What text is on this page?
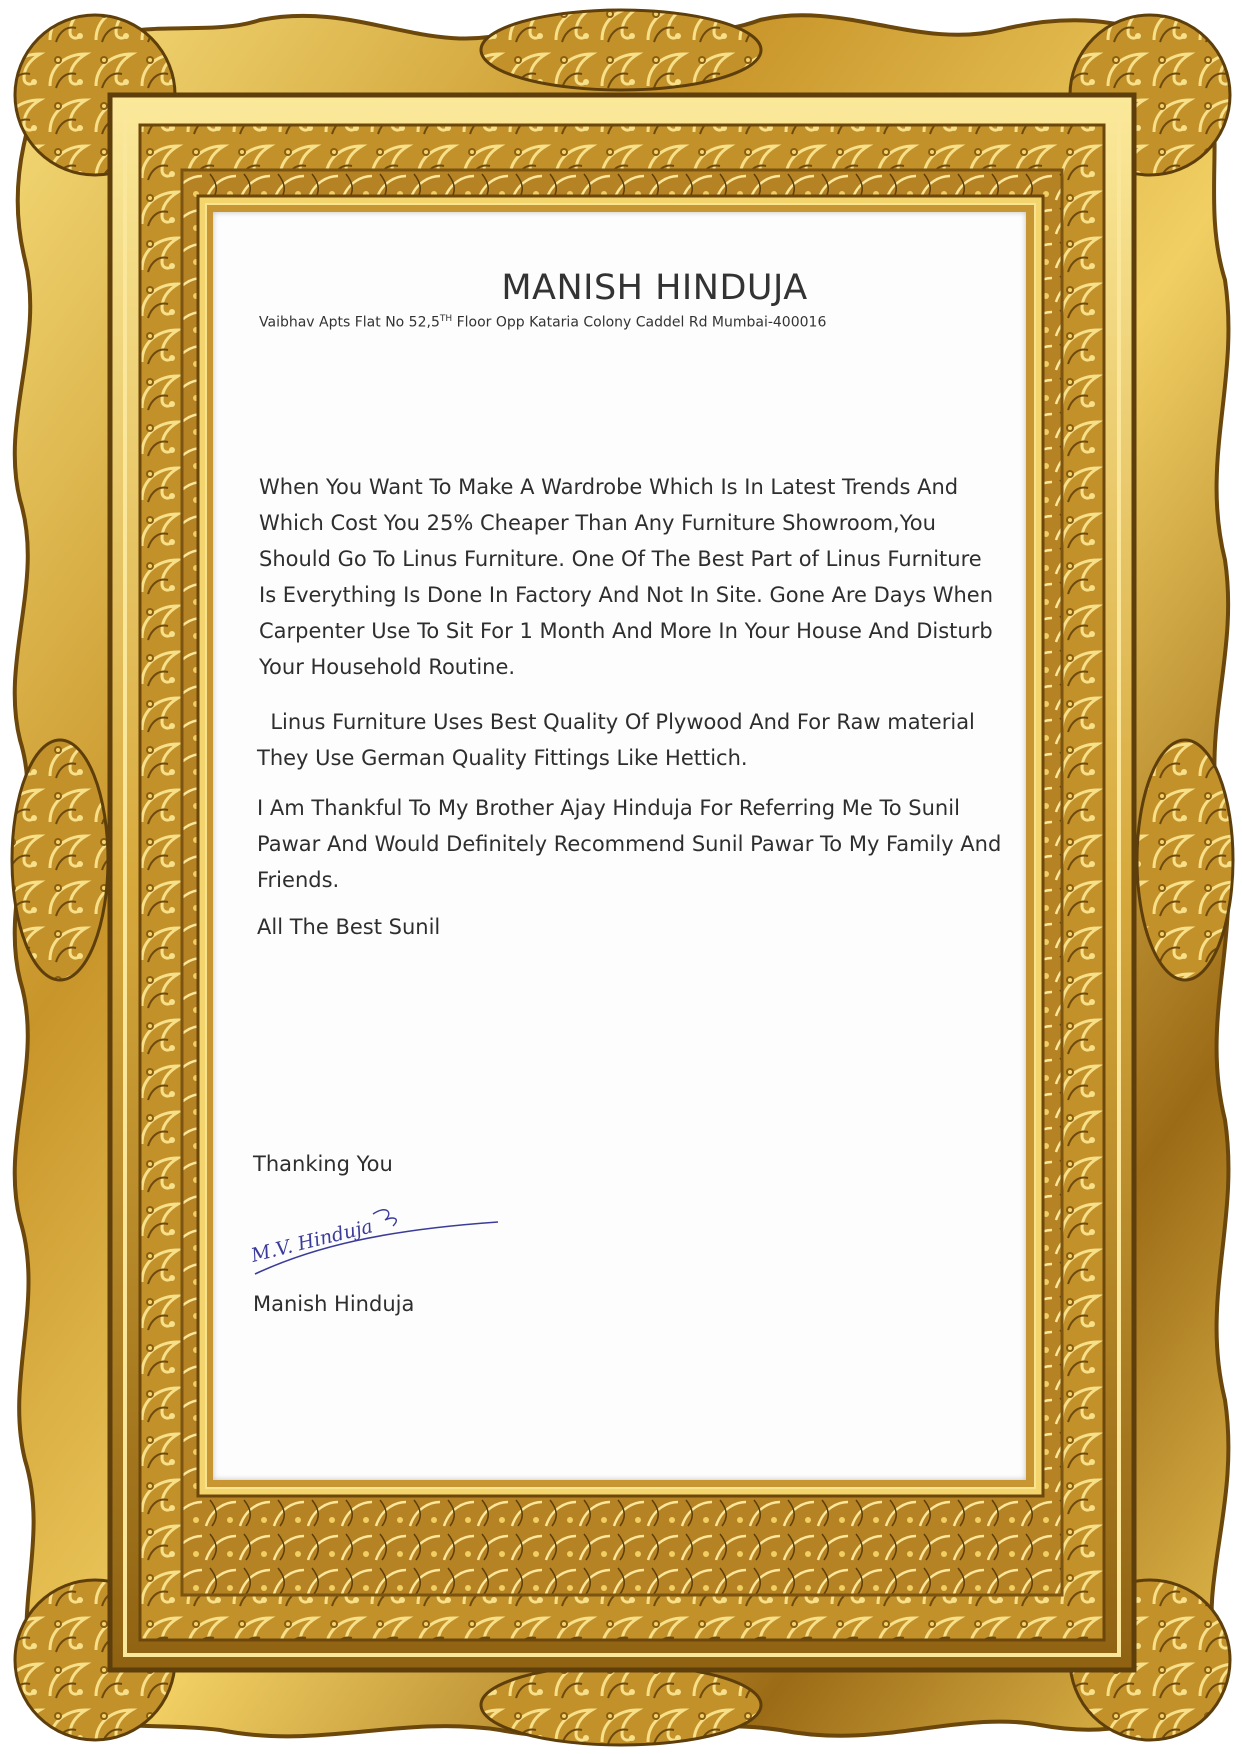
MANISH HINDUJA
Vaibhav Apts Flat No 52,5TH Floor Opp Kataria Colony Caddel Rd Mumbai-400016

When You Want To Make A Wardrobe Which Is In Latest Trends And Which Cost You 25% Cheaper Than Any Furniture Showroom,You Should Go To Linus Furniture. One Of The Best Part of Linus Furniture Is Everything Is Done In Factory And Not In Site. Gone Are Days When Carpenter Use To Sit For 1 Month And More In Your House And Disturb Your Household Routine.

Linus Furniture Uses Best Quality Of Plywood And For Raw material They Use German Quality Fittings Like Hettich.

I Am Thankful To My Brother Ajay Hinduja For Referring Me To Sunil Pawar And Would Definitely Recommend Sunil Pawar To My Family And Friends.

All The Best Sunil

Thanking You
M.V. Hinduja
Manish Hinduja
